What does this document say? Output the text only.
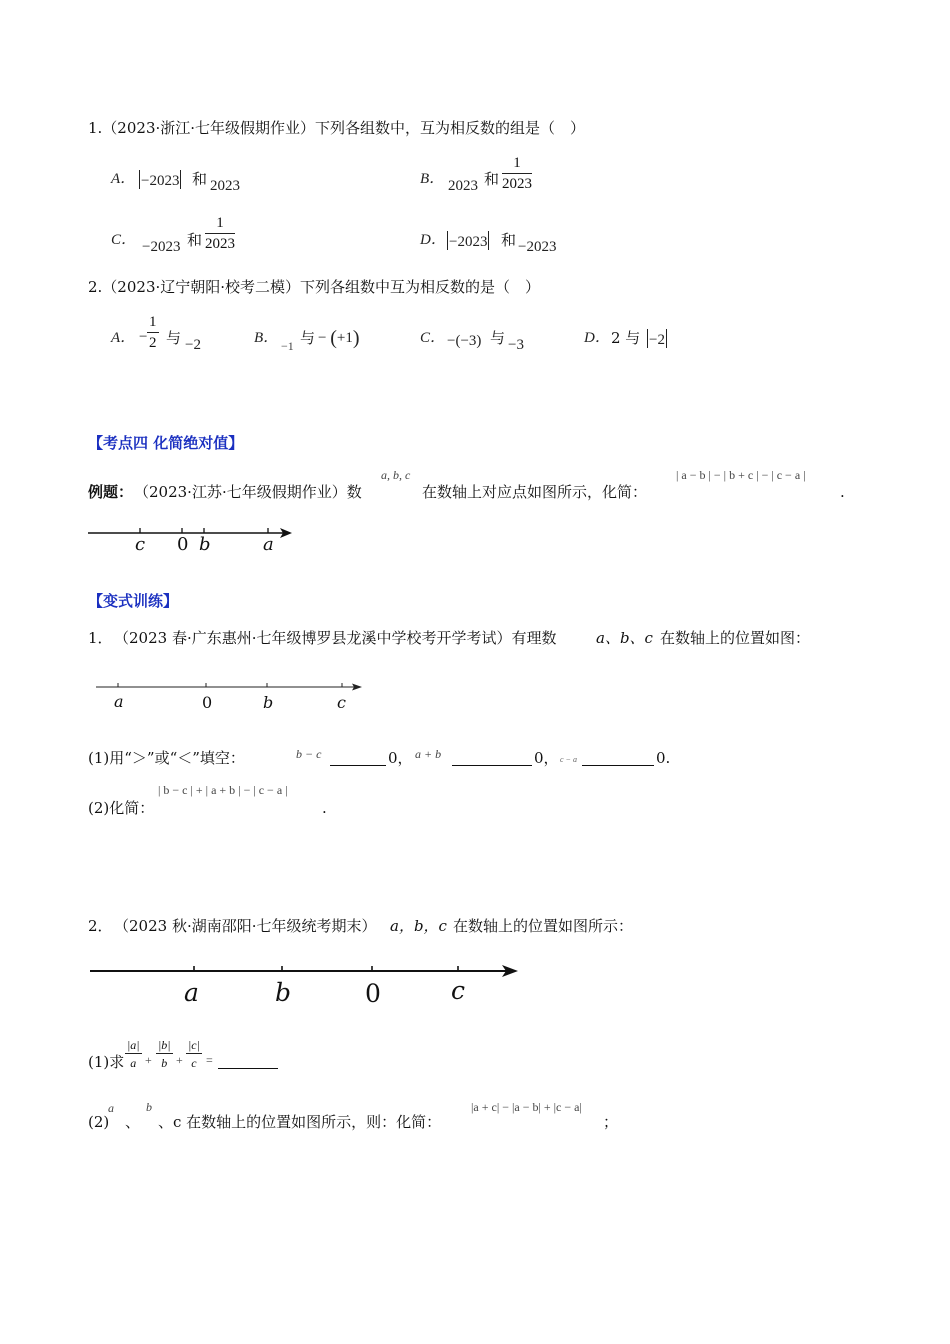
1.（2023·浙江·七年级假期作业）下列各组数中，互为相反数的组是（　）
A． −2023 和 2023	B． 2023 和
1
2023
C． −2023 和
1
2023	D． −2023 和 −2023
2.（2023·辽宁朝阳·校考二模）下列各组数中互为相反数的是（　）
A． −
1
2 与 −2	B． −1 与 − (+1)	C． −(−3) 与 −3	D． 2 与 −2
【考点四 化简绝对值】
例题： （2023·江苏·七年级假期作业）数
a, b, c
在数轴上对应点如图所示，化简：
| a − b | − | b + c | − | c − a |
.
c 0 b	a
【变式训练】
1． （2023 春·广东惠州·七年级博罗县龙溪中学校考开学考试）有理数	a、b、c 在数轴上的位置如图：
a	0	b	c
(1)用“＞”或“＜”填空：	b − c	0， a + b	0， c − a	0.
(2)化简：
| b − c | + | a + b | − | c − a |
.
2． （2023 秋·湖南邵阳·七年级统考期末） a，b，c 在数轴上的位置如图所示：
a	b	0	c
(1)求
|a|
a +
|b|
b +
|c|
c =
(2)
a
、
b
、c 在数轴上的位置如图所示，则：化简：
|a + c| − |a − b| + |c − a|
；
